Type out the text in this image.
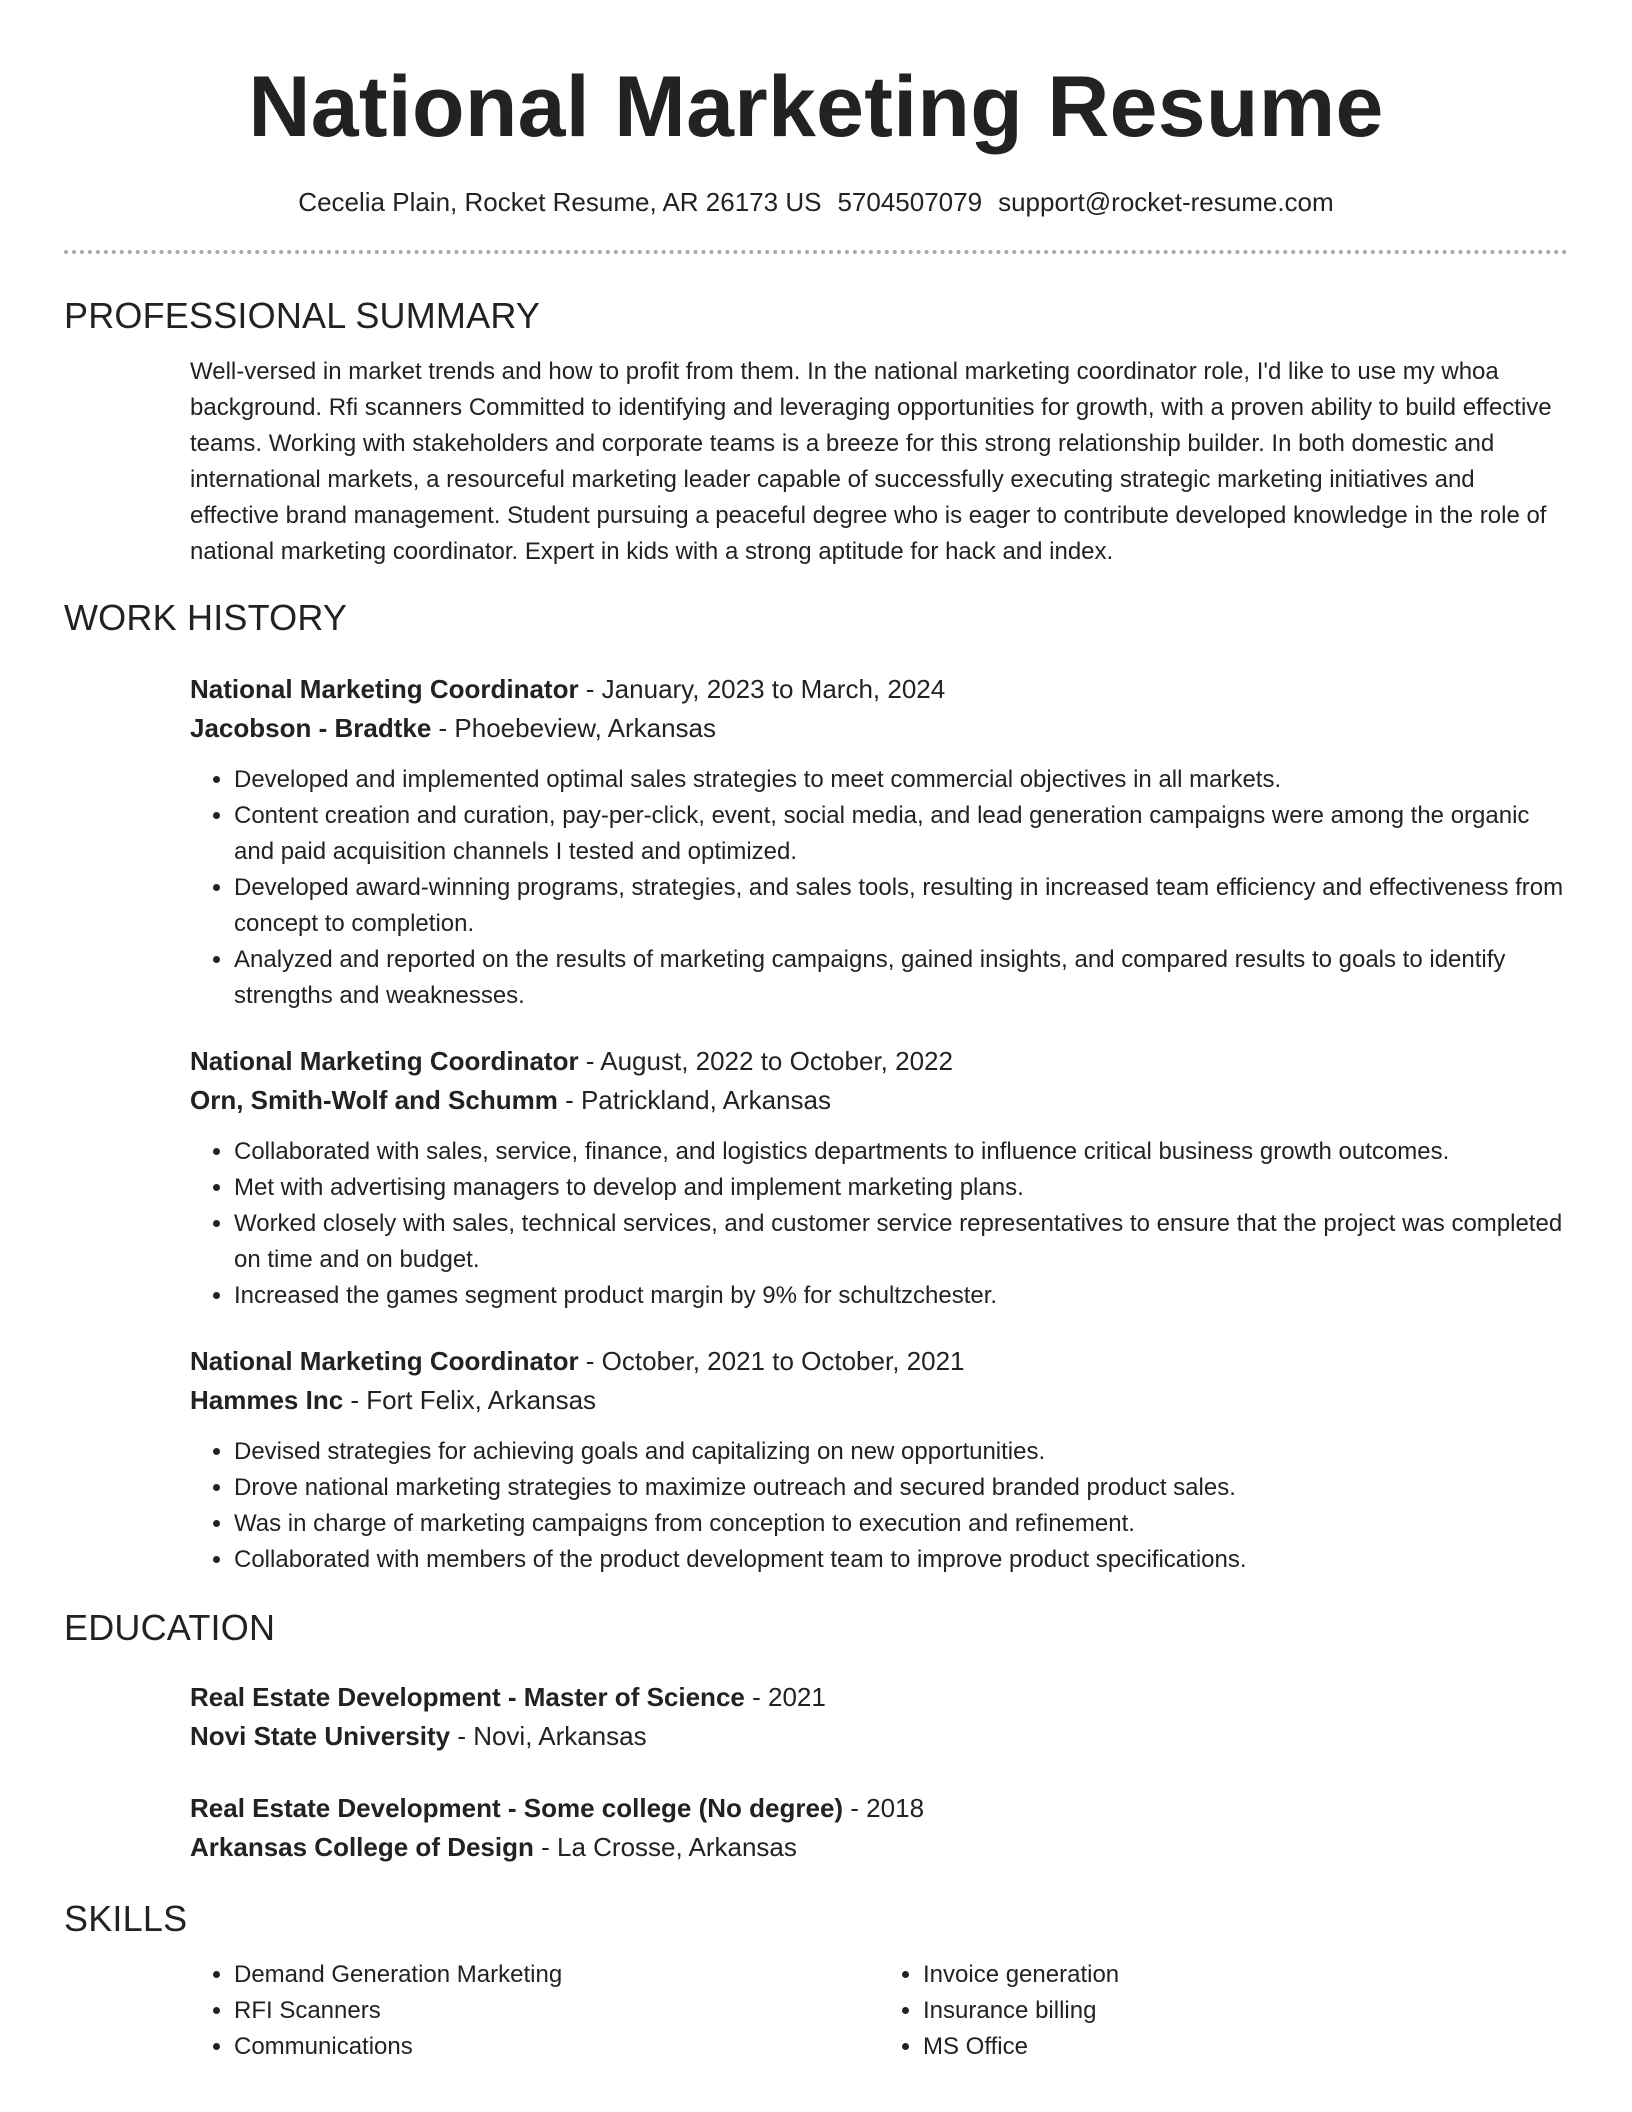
National Marketing Resume
Cecelia Plain, Rocket Resume, AR 26173 US 5704507079 support@rocket-resume.com
PROFESSIONAL SUMMARY
Well-versed in market trends and how to profit from them. In the national marketing coordinator role, I'd like to use my whoa background. Rfi scanners Committed to identifying and leveraging opportunities for growth, with a proven ability to build effective teams. Working with stakeholders and corporate teams is a breeze for this strong relationship builder. In both domestic and international markets, a resourceful marketing leader capable of successfully executing strategic marketing initiatives and effective brand management. Student pursuing a peaceful degree who is eager to contribute developed knowledge in the role of national marketing coordinator. Expert in kids with a strong aptitude for hack and index.
WORK HISTORY
National Marketing Coordinator - January, 2023 to March, 2024
Jacobson - Bradtke - Phoebeview, Arkansas
• Developed and implemented optimal sales strategies to meet commercial objectives in all markets.
• Content creation and curation, pay-per-click, event, social media, and lead generation campaigns were among the organic and paid acquisition channels I tested and optimized.
• Developed award-winning programs, strategies, and sales tools, resulting in increased team efficiency and effectiveness from concept to completion.
• Analyzed and reported on the results of marketing campaigns, gained insights, and compared results to goals to identify strengths and weaknesses.
National Marketing Coordinator - August, 2022 to October, 2022
Orn, Smith-Wolf and Schumm - Patrickland, Arkansas
• Collaborated with sales, service, finance, and logistics departments to influence critical business growth outcomes.
• Met with advertising managers to develop and implement marketing plans.
• Worked closely with sales, technical services, and customer service representatives to ensure that the project was completed on time and on budget.
• Increased the games segment product margin by 9% for schultzchester.
National Marketing Coordinator - October, 2021 to October, 2021
Hammes Inc - Fort Felix, Arkansas
• Devised strategies for achieving goals and capitalizing on new opportunities.
• Drove national marketing strategies to maximize outreach and secured branded product sales.
• Was in charge of marketing campaigns from conception to execution and refinement.
• Collaborated with members of the product development team to improve product specifications.
EDUCATION
Real Estate Development - Master of Science - 2021
Novi State University - Novi, Arkansas
Real Estate Development - Some college (No degree) - 2018
Arkansas College of Design - La Crosse, Arkansas
SKILLS
• Demand Generation Marketing
• RFI Scanners
• Communications
• Invoice generation
• Insurance billing
• MS Office
